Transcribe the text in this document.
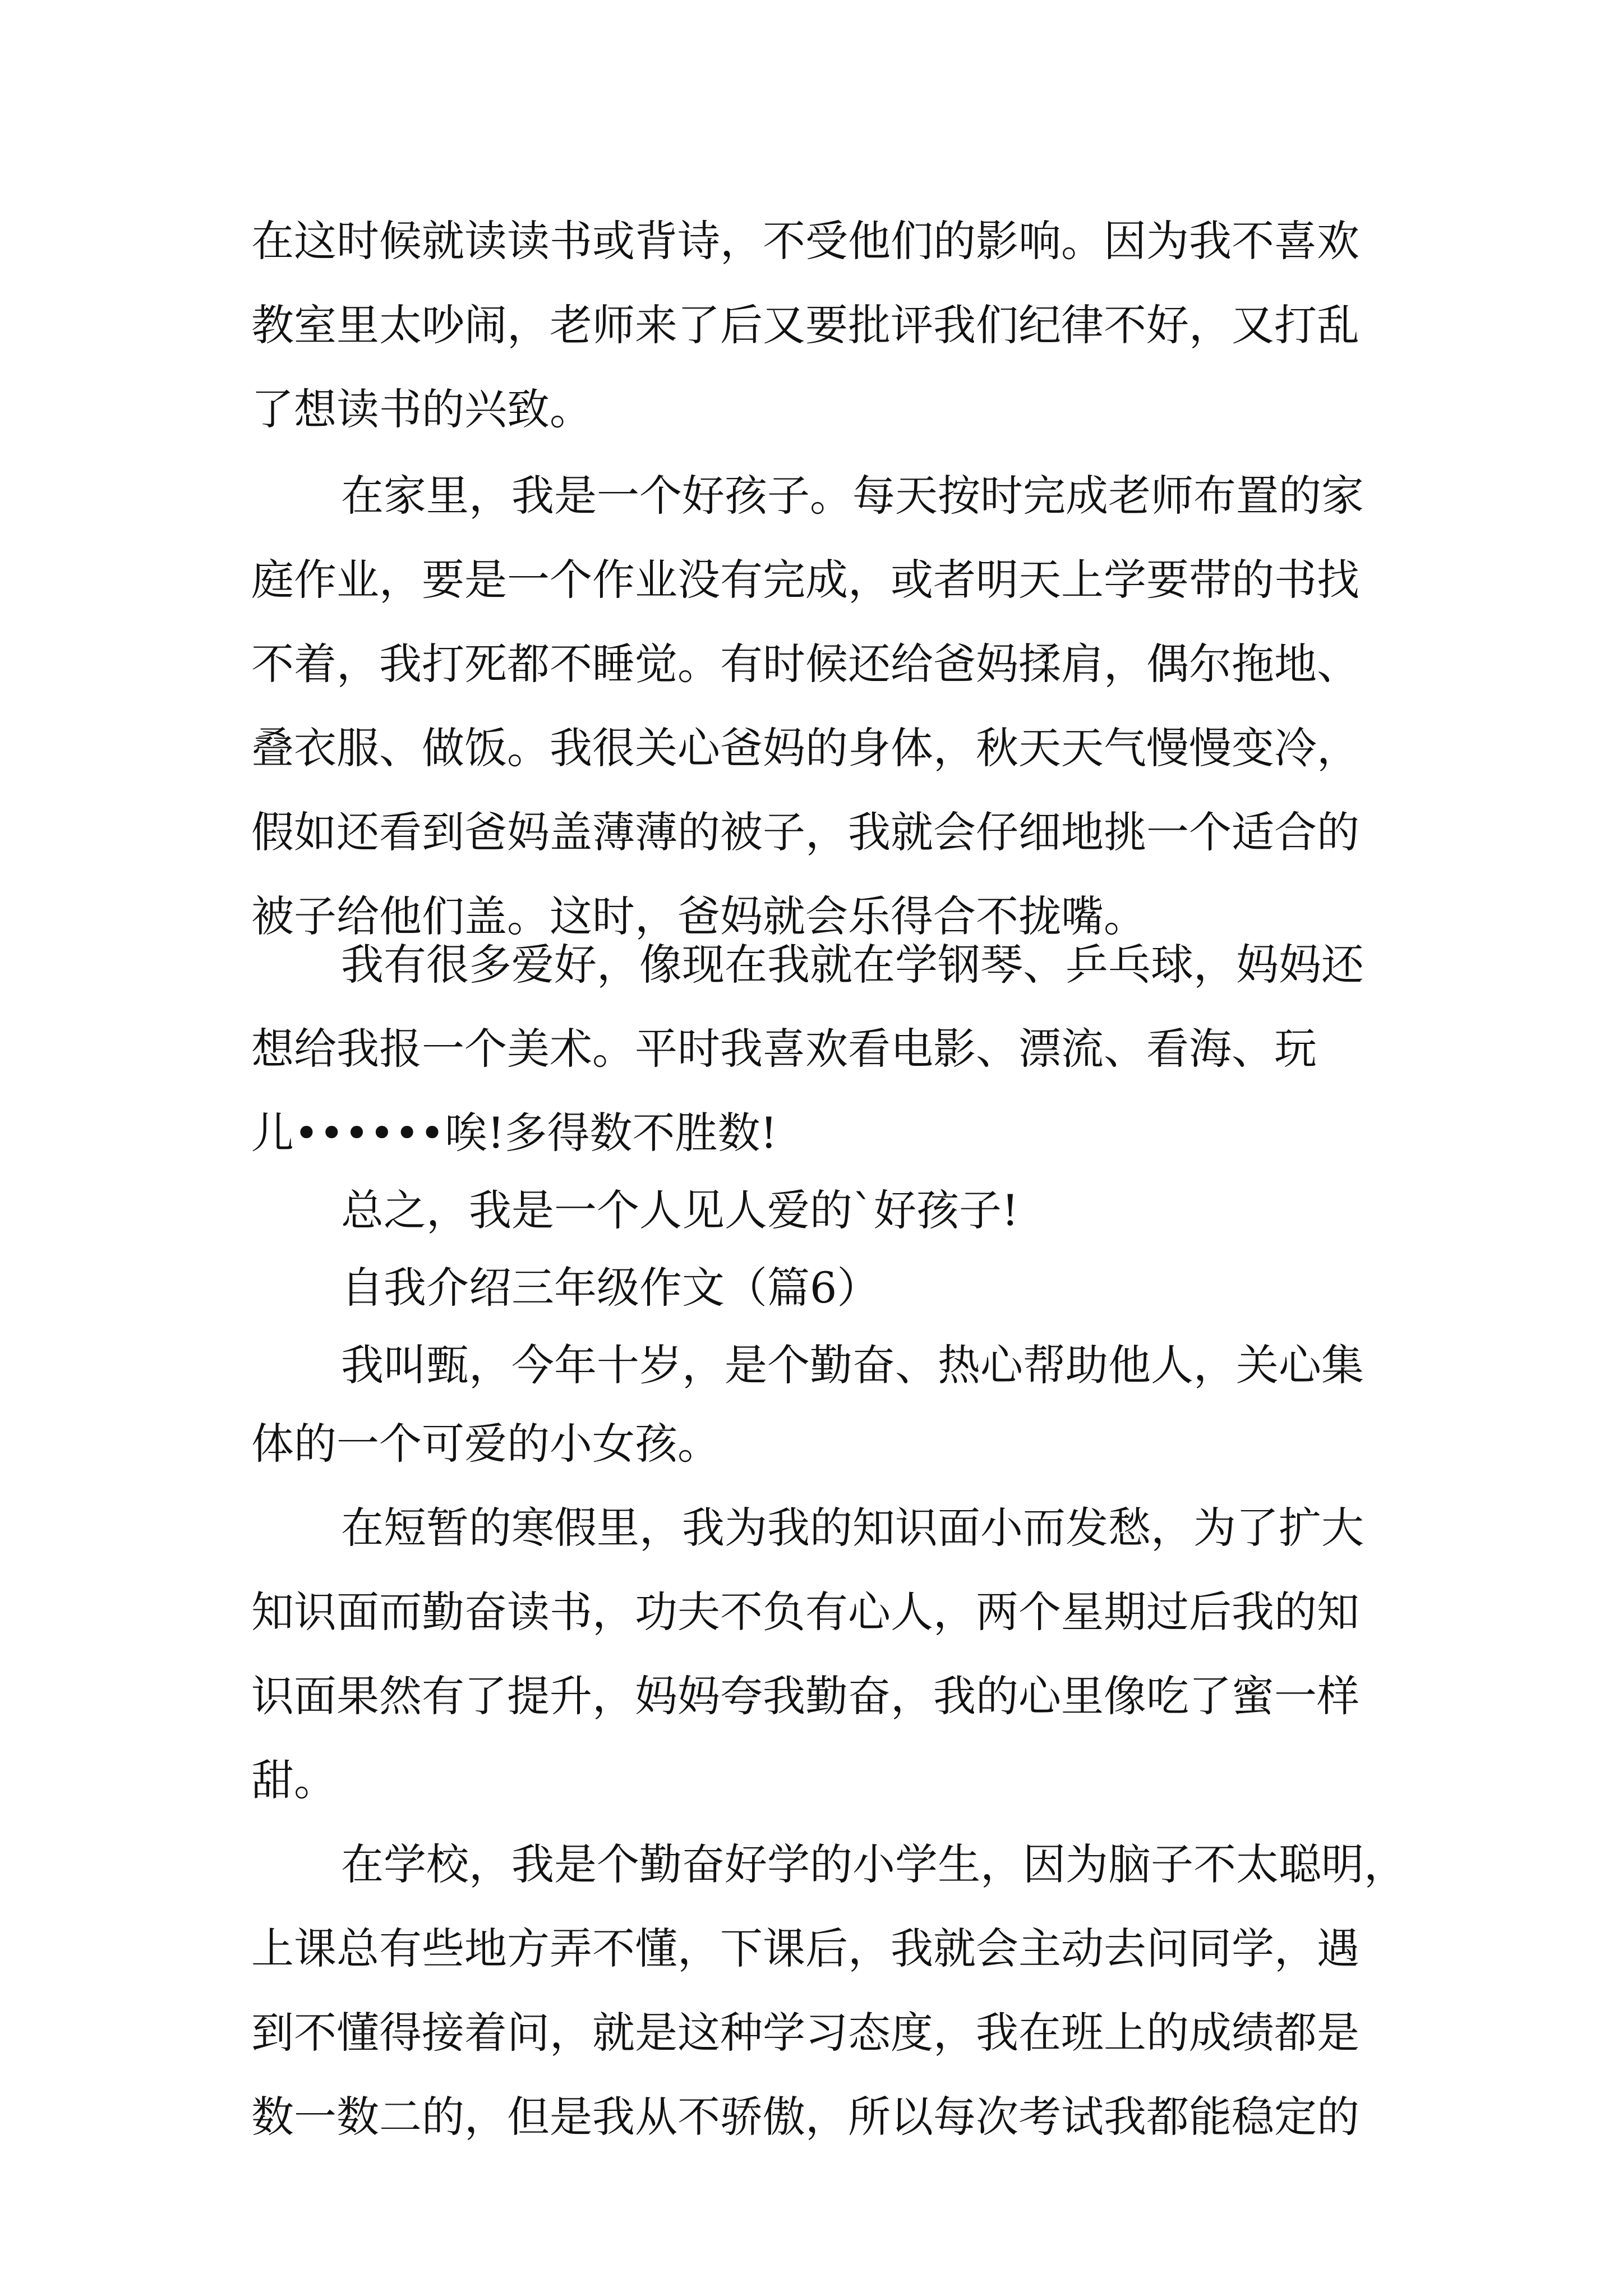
在这时候就读读书或背诗，不受他们的影响。因为我不喜欢
教室里太吵闹，老师来了后又要批评我们纪律不好，又打乱
了想读书的兴致。
在家里，我是一个好孩子。每天按时完成老师布置的家
庭作业，要是一个作业没有完成，或者明天上学要带的书找
不着，我打死都不睡觉。有时候还给爸妈揉肩，偶尔拖地、
叠衣服、做饭。我很关心爸妈的身体，秋天天气慢慢变冷，
假如还看到爸妈盖薄薄的被子，我就会仔细地挑一个适合的
被子给他们盖。这时，爸妈就会乐得合不拢嘴。
我有很多爱好，像现在我就在学钢琴、乒乓球，妈妈还
想给我报一个美术。平时我喜欢看电影、漂流、看海、玩
儿••••••唉!多得数不胜数!
总之，我是一个人见人爱的`好孩子!
自我介绍三年级作文（篇6）
我叫甄，今年十岁，是个勤奋、热心帮助他人，关心集
体的一个可爱的小女孩。
在短暂的寒假里，我为我的知识面小而发愁，为了扩大
知识面而勤奋读书，功夫不负有心人，两个星期过后我的知
识面果然有了提升，妈妈夸我勤奋，我的心里像吃了蜜一样
甜。
在学校，我是个勤奋好学的小学生，因为脑子不太聪明，
上课总有些地方弄不懂，下课后，我就会主动去问同学，遇
到不懂得接着问，就是这种学习态度，我在班上的成绩都是
数一数二的，但是我从不骄傲，所以每次考试我都能稳定的
